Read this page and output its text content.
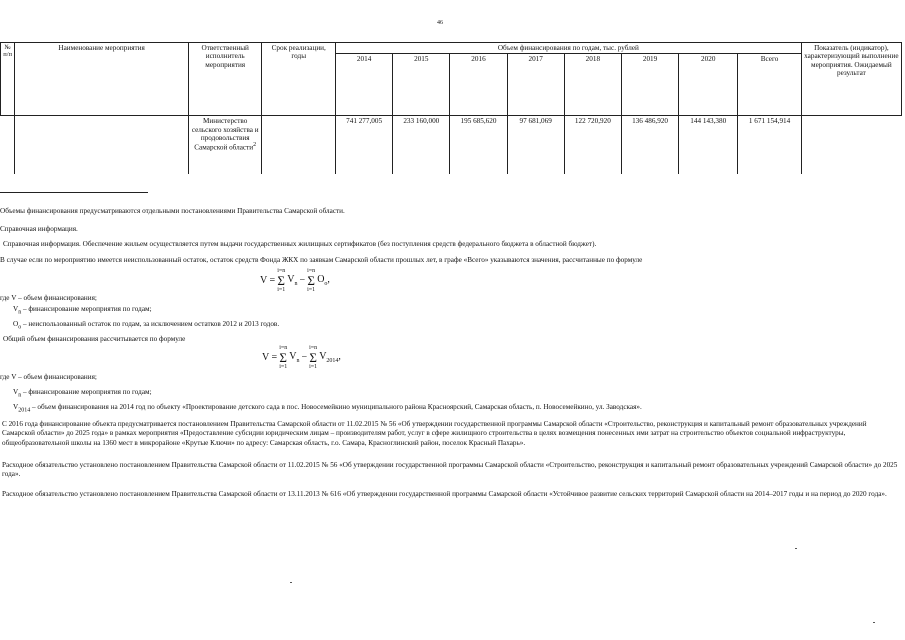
46
№ п/п	Наименование мероприятия	Ответственный исполнитель мероприятия	Срок реализации, годы	Объем финансирования по годам, тыс. рублей								Показатель (индикатор), характеризующий выполнение мероприятия. Ожидаемый результат
				2014	2015	2016	2017	2018	2019	2020	Всего	
		Министерство сельского хозяйства и продовольствия Самарской области$^2$		741 277,005	233 160,000	195 685,620	97 681,069	122 720,920	136 486,920	144 143,380	1 671 154,914	
Объемы финансирования предусматриваются отдельными постановлениями Правительства Самарской области.
Справочная информация.
Справочная информация. Обеспечение жильем осуществляется путем выдачи государственных жилищных сертификатов (без поступления средств федерального бюджета в областной бюджет).
В случае если по мероприятию имеется неиспользованный остаток, остаток средств Фонда ЖКХ по заявкам Самарской области прошлых лет, в графе «Всего» указываются значения, рассчитанные по формуле
V =
i=n
Σ
i=1
$V_n$ −
i=n
Σ
i=1
$O_o$,
где V – объем финансирования;
$V_n$ – финансирование мероприятия по годам;
$O_o$ – неиспользованный остаток по годам, за исключением остатков 2012 и 2013 годов.
Общий объем финансирования рассчитывается по формуле
V =
i=n
Σ
i=1
$V_n$ −
i=n
Σ
i=1
$V_{2014}$,
где V – объем финансирования;
$V_n$ – финансирование мероприятия по годам;
$V_{2014}$ – объем финансирования на 2014 год по объекту «Проектирование детского сада в пос. Новосемейкино муниципального района Красноярский, Самарская область, п. Новосемейкино, ул. Заводская».
С 2016 года финансирование объекта предусматривается постановлением Правительства Самарской области от 11.02.2015 № 56 «Об утверждении государственной программы Самарской области «Строительство, реконструкция и капитальный ремонт образовательных учреждений Самарской области» до 2025 года» в рамках мероприятия «Предоставление субсидии юридическим лицам – производителям работ, услуг в сфере жилищного строительства в целях возмещения понесенных ими затрат на строительство объектов социальной инфраструктуры, общеобразовательной школы на 1360 мест в микрорайоне «Крутые Ключи» по адресу: Самарская область, г.о. Самара, Красноглинский район, поселок Красный Пахарь».
Расходное обязательство установлено постановлением Правительства Самарской области от 11.02.2015 № 56 «Об утверждении государственной программы Самарской области «Строительство, реконструкция и капитальный ремонт образовательных учреждений Самарской области» до 2025 года».
Расходное обязательство установлено постановлением Правительства Самарской области от 13.11.2013 № 616 «Об утверждении государственной программы Самарской области «Устойчивое развитие сельских территорий Самарской области на 2014–2017 годы и на период до 2020 года».
